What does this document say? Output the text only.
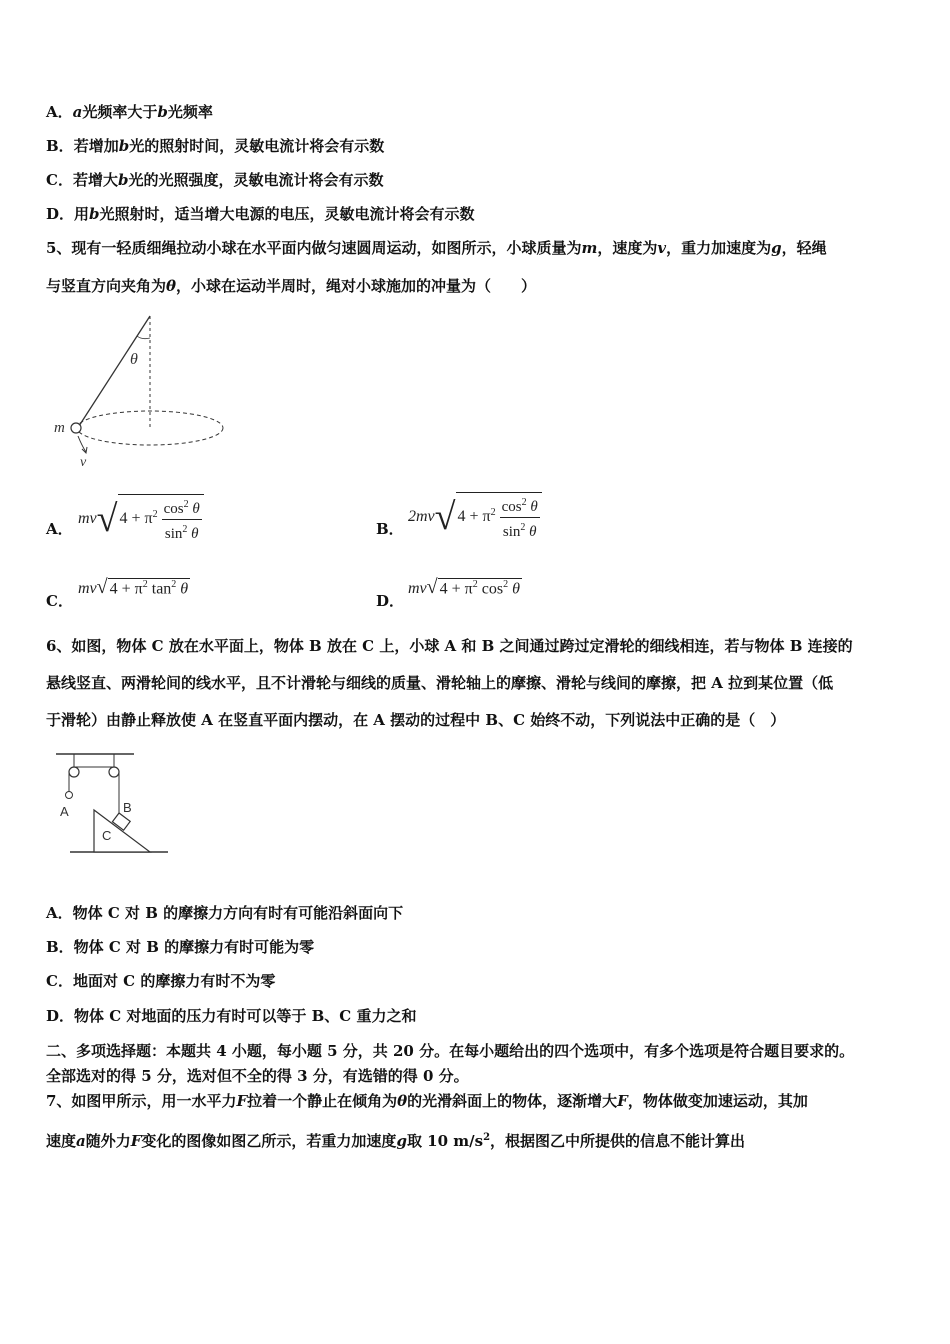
A．a光频率大于b光频率
B．若增加b光的照射时间，灵敏电流计将会有示数
C．若增大b光的光照强度，灵敏电流计将会有示数
D．用b光照射时，适当增大电源的电压，灵敏电流计将会有示数
5、现有一轻质细绳拉动小球在水平面内做匀速圆周运动，如图所示，小球质量为m，速度为v，重力加速度为g，轻绳
与竖直方向夹角为θ，小球在运动半周时，绳对小球施加的冲量为（　　）
θ
m
v
A．
mv√ $4 + \pi^2 \frac{\cos^2 \theta}{\sin^2 \theta}$	B．
2mv√ $4 + \pi^2 \frac{\cos^2 \theta}{\sin^2 \theta}$
C．
mv√ $4 + \pi^2$ $\tan^2 \theta$
D．
mv√ $4 + \pi^2$ $\cos^2 \theta$
6、如图，物体 C 放在水平面上，物体 B 放在 C 上，小球 A 和 B 之间通过跨过定滑轮的细线相连，若与物体 B 连接的
悬线竖直、两滑轮间的线水平，且不计滑轮与细线的质量、滑轮轴上的摩擦、滑轮与线间的摩擦，把 A 拉到某位置（低
于滑轮）由静止释放使 A 在竖直平面内摆动，在 A 摆动的过程中 B、C 始终不动，下列说法中正确的是（　）
A	B
C
A．物体 C 对 B 的摩擦力方向有时有可能沿斜面向下
B．物体 C 对 B 的摩擦力有时可能为零
C．地面对 C 的摩擦力有时不为零
D．物体 C 对地面的压力有时可以等于 B、C 重力之和
二、多项选择题：本题共 4 小题，每小题 5 分，共 20 分。在每小题给出的四个选项中，有多个选项是符合题目要求的。
全部选对的得 5 分，选对但不全的得 3 分，有选错的得 0 分。
7、如图甲所示，用一水平力F拉着一个静止在倾角为θ的光滑斜面上的物体，逐渐增大F，物体做变加速运动，其加
速度a随外力F变化的图像如图乙所示，若重力加速度g取 10 $m/s^2$，根据图乙中所提供的信息不能计算出
